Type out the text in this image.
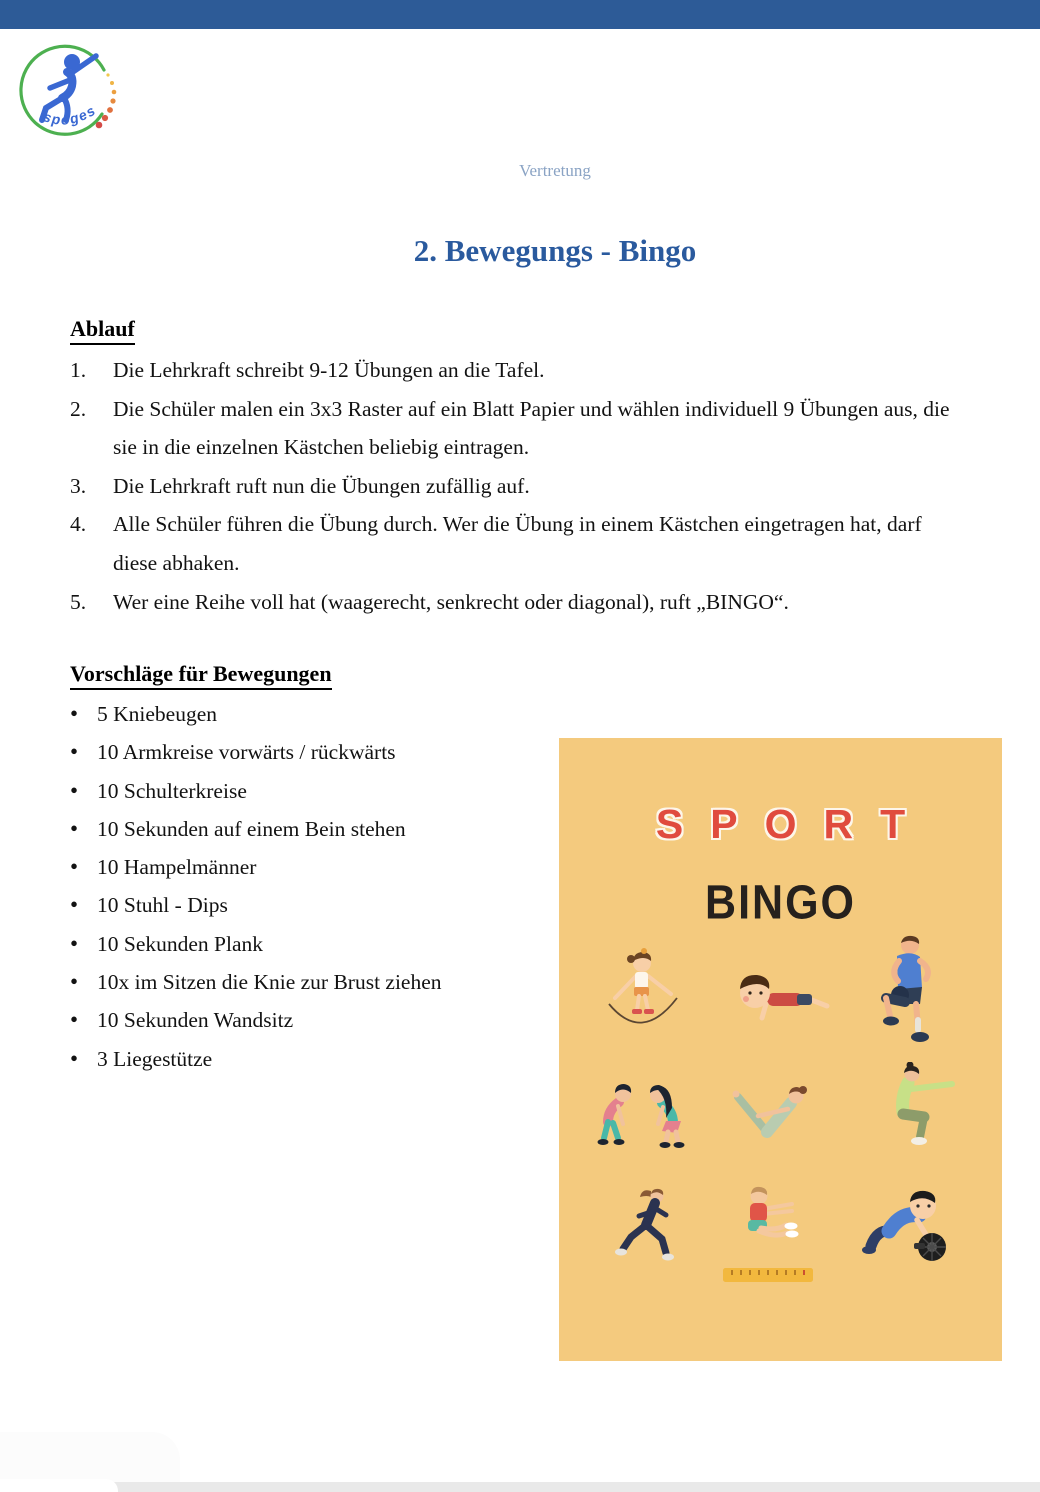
spoges
Vertretung
2. Bewegungs - Bingo
Ablauf
1. Die Lehrkraft schreibt 9-12 Übungen an die Tafel.
2. Die Schüler malen ein 3x3 Raster auf ein Blatt Papier und wählen individuell 9 Übungen aus, die sie in die einzelnen Kästchen beliebig eintragen.
3. Die Lehrkraft ruft nun die Übungen zufällig auf.
4. Alle Schüler führen die Übung durch. Wer die Übung in einem Kästchen eingetragen hat, darf diese abhaken.
5. Wer eine Reihe voll hat (waagerecht, senkrecht oder diagonal), ruft „BINGO“.
Vorschläge für Bewegungen
• 5 Kniebeugen
• 10 Armkreise vorwärts / rückwärts
• 10 Schulterkreise
• 10 Sekunden auf einem Bein stehen
• 10 Hampelmänner
• 10 Stuhl - Dips
• 10 Sekunden Plank
• 10x im Sitzen die Knie zur Brust ziehen
• 10 Sekunden Wandsitz
• 3 Liegestütze
SPORT
BINGO
